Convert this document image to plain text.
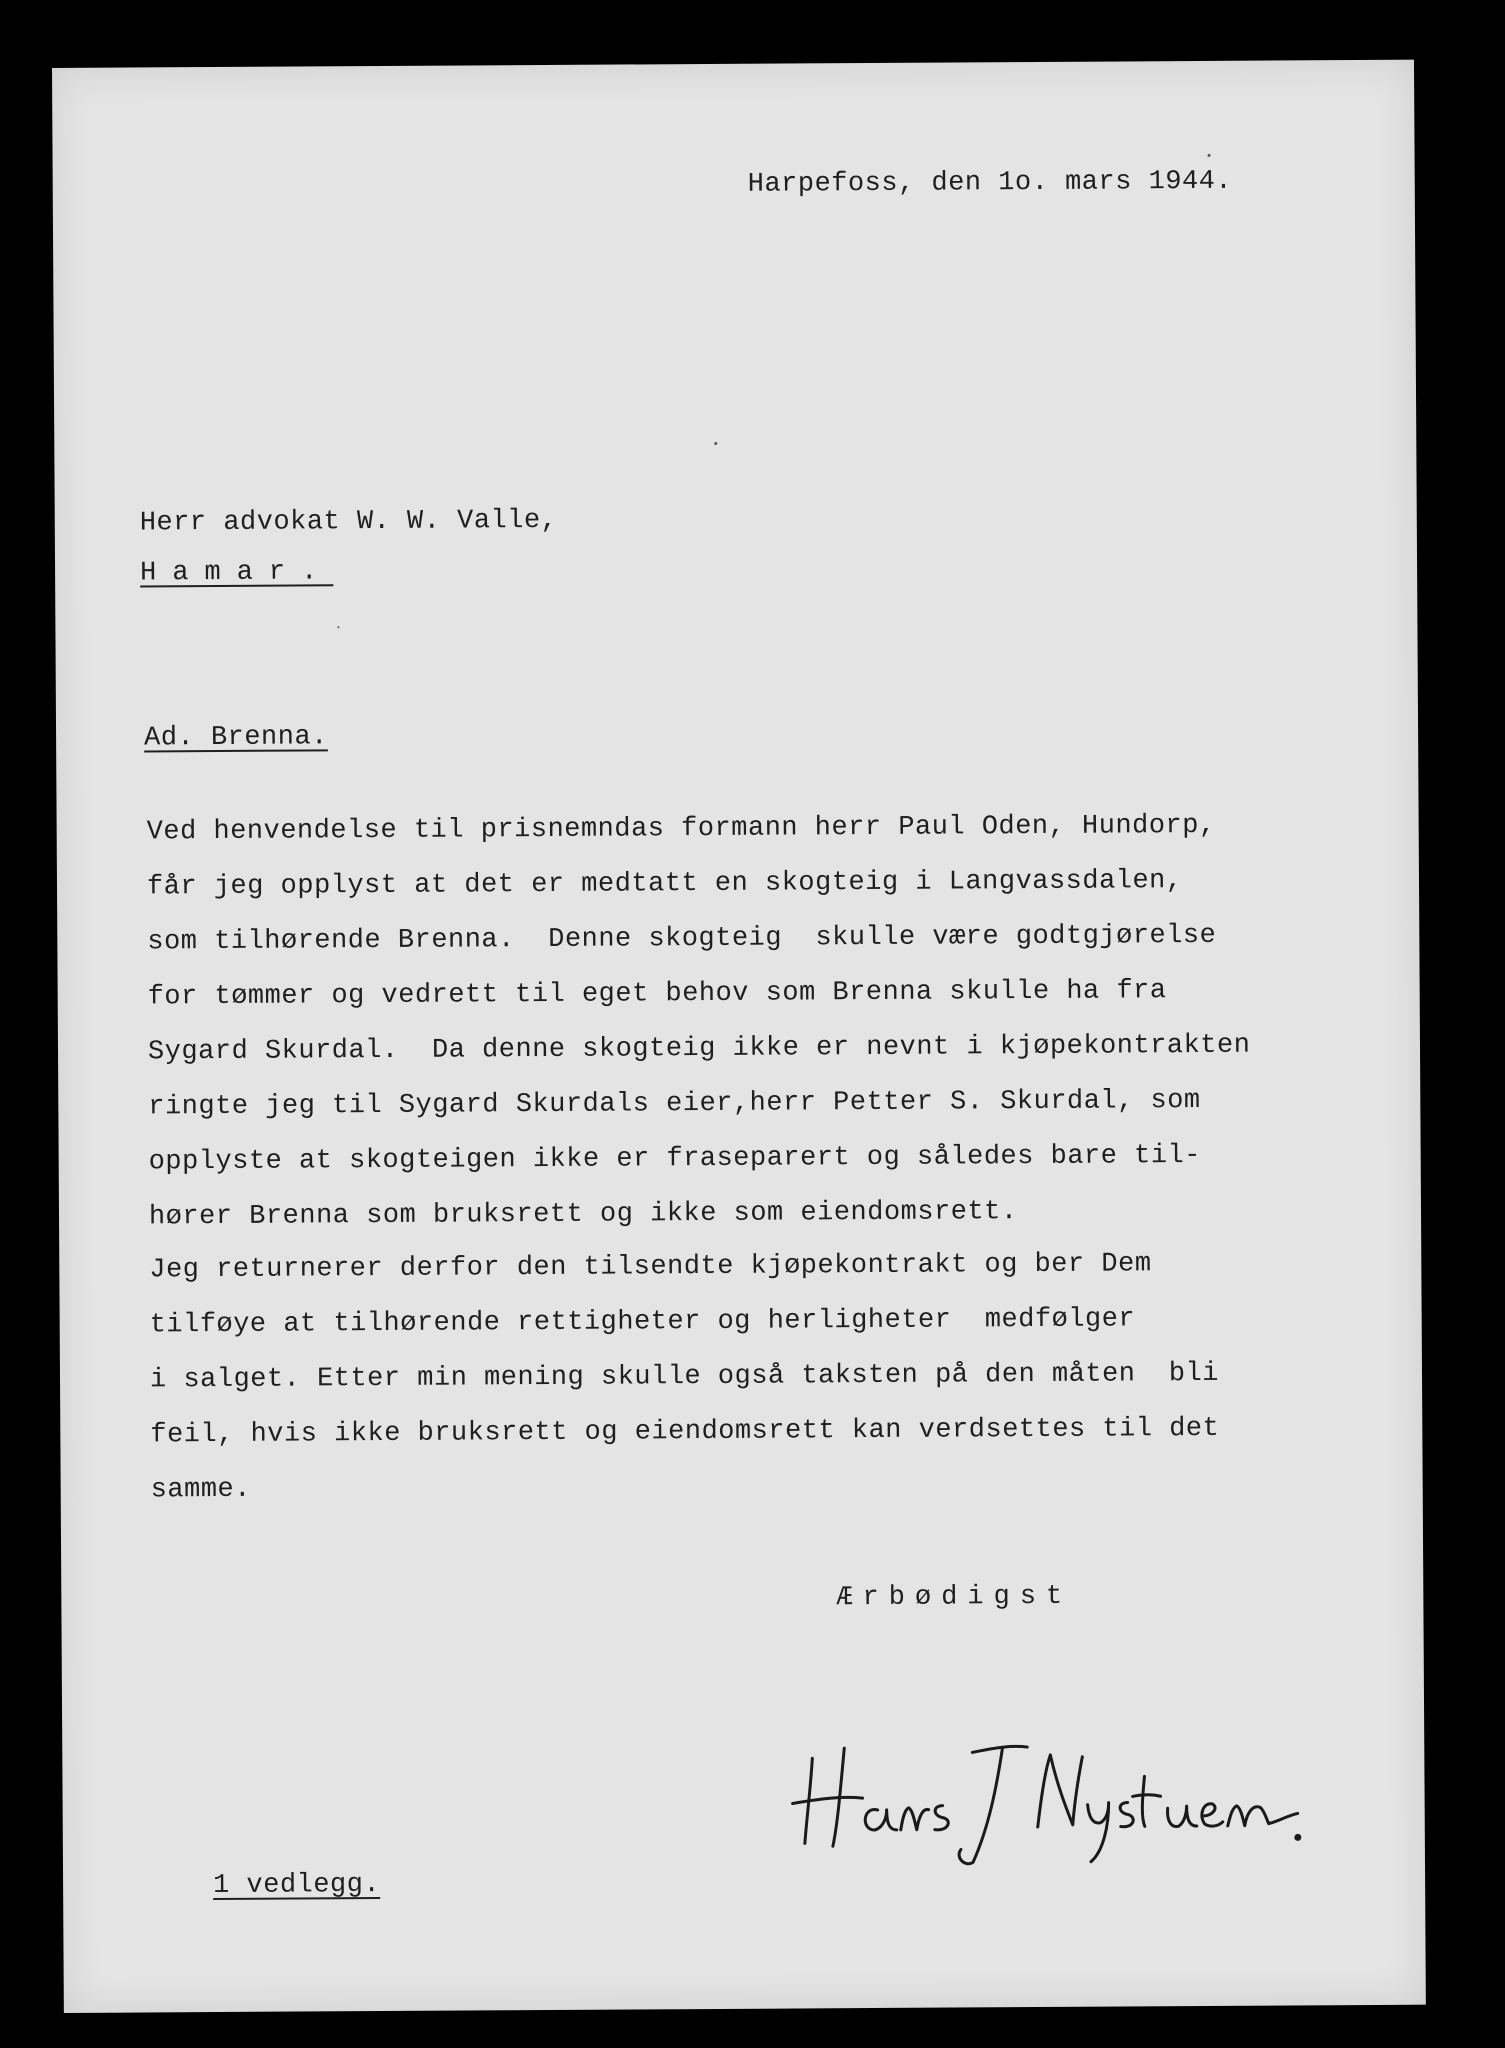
Harpefoss, den 1o. mars 1944.
Herr advokat W. W. Valle,
Hamar.
Ad. Brenna.
Ved henvendelse til prisnemndas formann herr Paul Oden, Hundorp,
får jeg opplyst at det er medtatt en skogteig i Langvassdalen,
som tilhørende Brenna.  Denne skogteig  skulle være godtgjørelse
for tømmer og vedrett til eget behov som Brenna skulle ha fra
Sygard Skurdal.  Da denne skogteig ikke er nevnt i kjøpekontrakten
ringte jeg til Sygard Skurdals eier,herr Petter S. Skurdal, som
opplyste at skogteigen ikke er fraseparert og således bare til-
hører Brenna som bruksrett og ikke som eiendomsrett.
Jeg returnerer derfor den tilsendte kjøpekontrakt og ber Dem
tilføye at tilhørende rettigheter og herligheter  medfølger
i salget. Etter min mening skulle også taksten på den måten  bli
feil, hvis ikke bruksrett og eiendomsrett kan verdsettes til det
samme.
Ærbødigst
1 vedlegg.
